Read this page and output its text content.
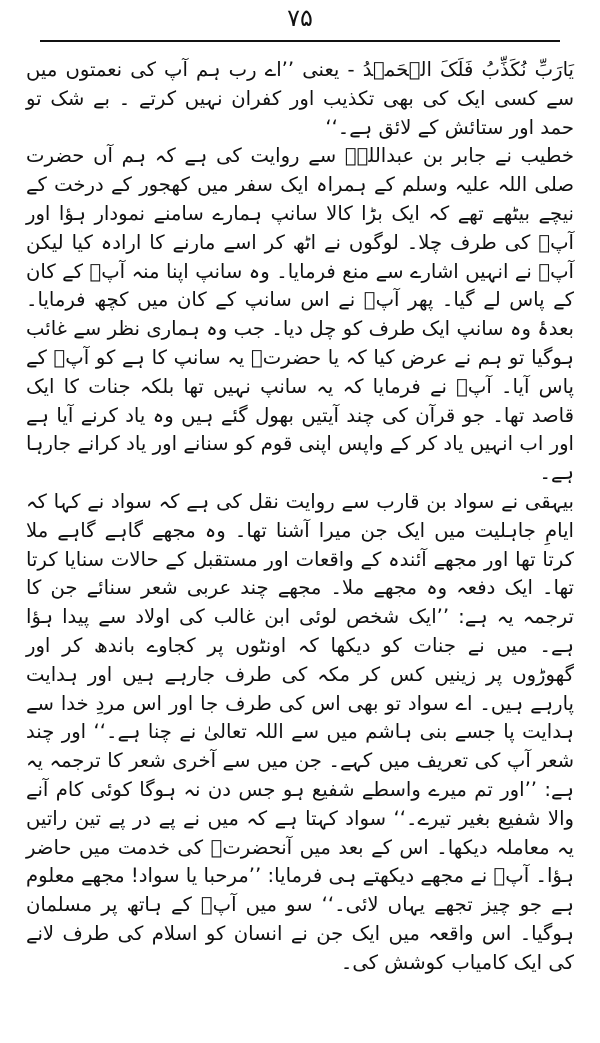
۷۵

یَارَبِّ نُکَذِّبُ فَلَکَ الۡحَمۡدُ - یعنی ’’اے رب ہم آپ کی نعمتوں میں سے کسی ایک کی بھی تکذیب اور کفران نہیں کرتے ۔ بے شک تو حمد اور ستائش کے لائق ہے۔‘‘

خطیب نے جابر بن عبداللہؓ سے روایت کی ہے کہ ہم آں حضرت صلی اللہ علیہ وسلم کے ہمراہ ایک سفر میں کھجور کے درخت کے نیچے بیٹھے تھے کہ ایک بڑا کالا سانپ ہمارے سامنے نمودار ہؤا اور آپؐ کی طرف چلا۔ لوگوں نے اٹھ کر اسے مارنے کا ارادہ کیا لیکن آپؐ نے انہیں اشارے سے منع فرمایا۔ وہ سانپ اپنا منہ آپؐ کے کان کے پاس لے گیا۔ پھر آپؐ نے اس سانپ کے کان میں کچھ فرمایا۔ بعدۂ وہ سانپ ایک طرف کو چل دیا۔ جب وہ ہماری نظر سے غائب ہوگیا تو ہم نے عرض کیا کہ یا حضرتؐ یہ سانپ کا ہے کو آپؐ کے پاس آیا۔ آپؐ نے فرمایا کہ یہ سانپ نہیں تھا بلکہ جنات کا ایک قاصد تھا۔ جو قرآن کی چند آیتیں بھول گئے ہیں وہ یاد کرنے آیا ہے اور اب انہیں یاد کر کے واپس اپنی قوم کو سنانے اور یاد کرانے جارہا ہے۔

بیہقی نے سواد بن قارب سے روایت نقل کی ہے کہ سواد نے کہا کہ ایامِ جاہلیت میں ایک جن میرا آشنا تھا۔ وہ مجھے گاہے گاہے ملا کرتا تھا اور مجھے آئندہ کے واقعات اور مستقبل کے حالات سنایا کرتا تھا۔ ایک دفعہ وہ مجھے ملا۔ مجھے چند عربی شعر سنائے جن کا ترجمہ یہ ہے: ’’ایک شخص لوئی ابن غالب کی اولاد سے پیدا ہؤا ہے۔ میں نے جنات کو دیکھا کہ اونٹوں پر کجاوے باندھ کر اور گھوڑوں پر زینیں کس کر مکہ کی طرف جارہے ہیں اور ہدایت پارہے ہیں۔ اے سواد تو بھی اس کی طرف جا اور اس مردِ خدا سے ہدایت پا جسے بنی ہاشم میں سے اللہ تعالیٰ نے چنا ہے۔‘‘ اور چند شعر آپ کی تعریف میں کہے۔ جن میں سے آخری شعر کا ترجمہ یہ ہے: ’’اور تم میرے واسطے شفیع ہو جس دن نہ ہوگا کوئی کام آنے والا شفیع بغیر تیرے۔‘‘ سواد کہتا ہے کہ میں نے پے در پے تین راتیں یہ معاملہ دیکھا۔ اس کے بعد میں آنحضرتؐ کی خدمت میں حاضر ہؤا۔ آپؐ نے مجھے دیکھتے ہی فرمایا: ’’مرحبا یا سواد! مجھے معلوم ہے جو چیز تجھے یہاں لائی۔‘‘ سو میں آپؐ کے ہاتھ پر مسلمان ہوگیا۔ اس واقعہ میں ایک جن نے انسان کو اسلام کی طرف لانے کی ایک کامیاب کوشش کی۔
